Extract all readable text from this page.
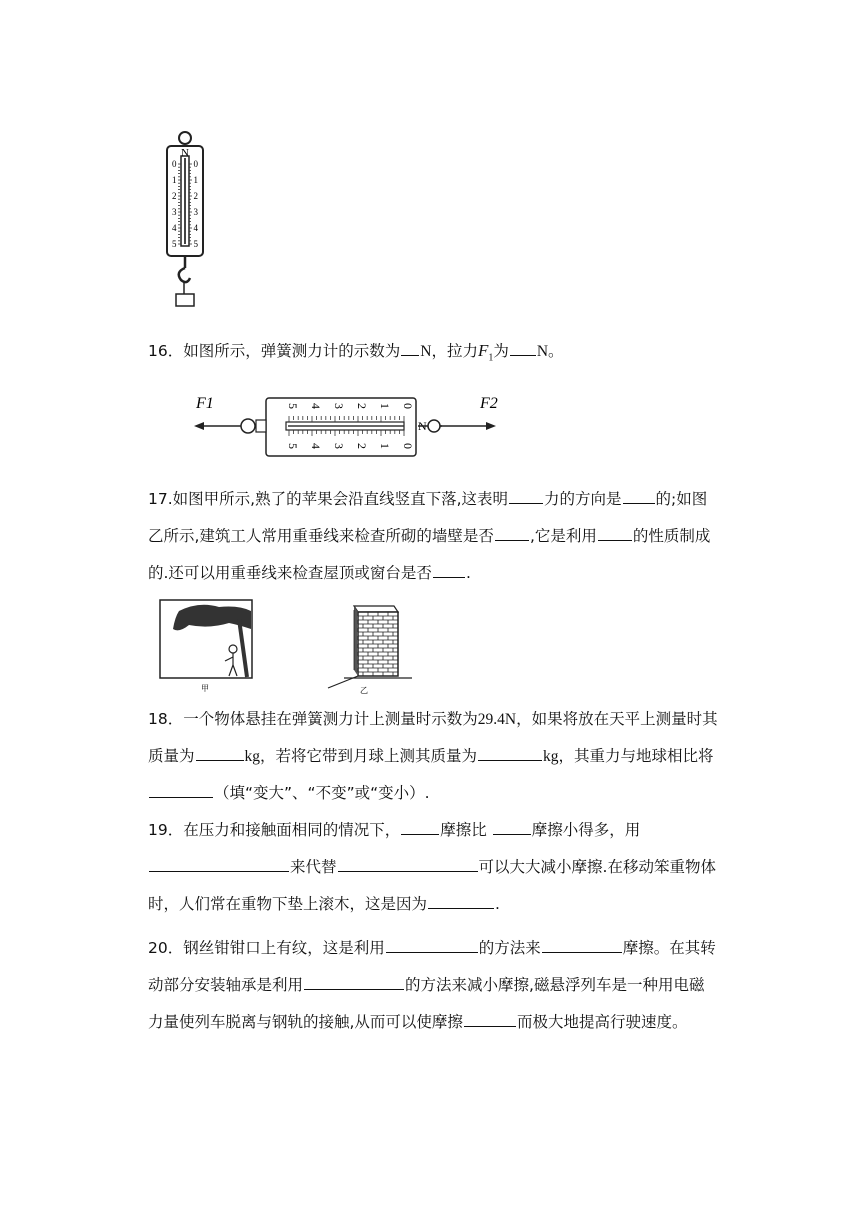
N
0 0
1 1
2 2
3 3
4 4
5 5

16．如图所示，弹簧测力计的示数为 N，拉力$F_1$为 N。

F1	F2
N
0
0
1
1
2
2
3
3
4
4
5
5

17.如图甲所示,熟了的苹果会沿直线竖直下落,这表明 力的方向是 的;如图乙所示,建筑工人常用重垂线来检查所砌的墙壁是否 ,它是利用 的性质制成的.还可以用重垂线来检查屋顶或窗台是否 .

甲	乙

18．一个物体悬挂在弹簧测力计上测量时示数为29.4N，如果将放在天平上测量时其质量为	kg，若将它带到月球上测其质量为	kg，其重力与地球相比将（填“变大”、“不变”或“变小）.

19．在压力和接触面相同的情况下，	摩擦比	摩擦小得多，用来代替	可以大大减小摩擦.在移动笨重物体时，人们常在重物下垫上滚木，这是因为	.

20．钢丝钳钳口上有纹，这是利用	的方法来	摩擦。在其转动部分安装轴承是利用	的方法来减小摩擦,磁悬浮列车是一种用电磁力量使列车脱离与钢轨的接触,从而可以使摩擦	而极大地提高行驶速度。
